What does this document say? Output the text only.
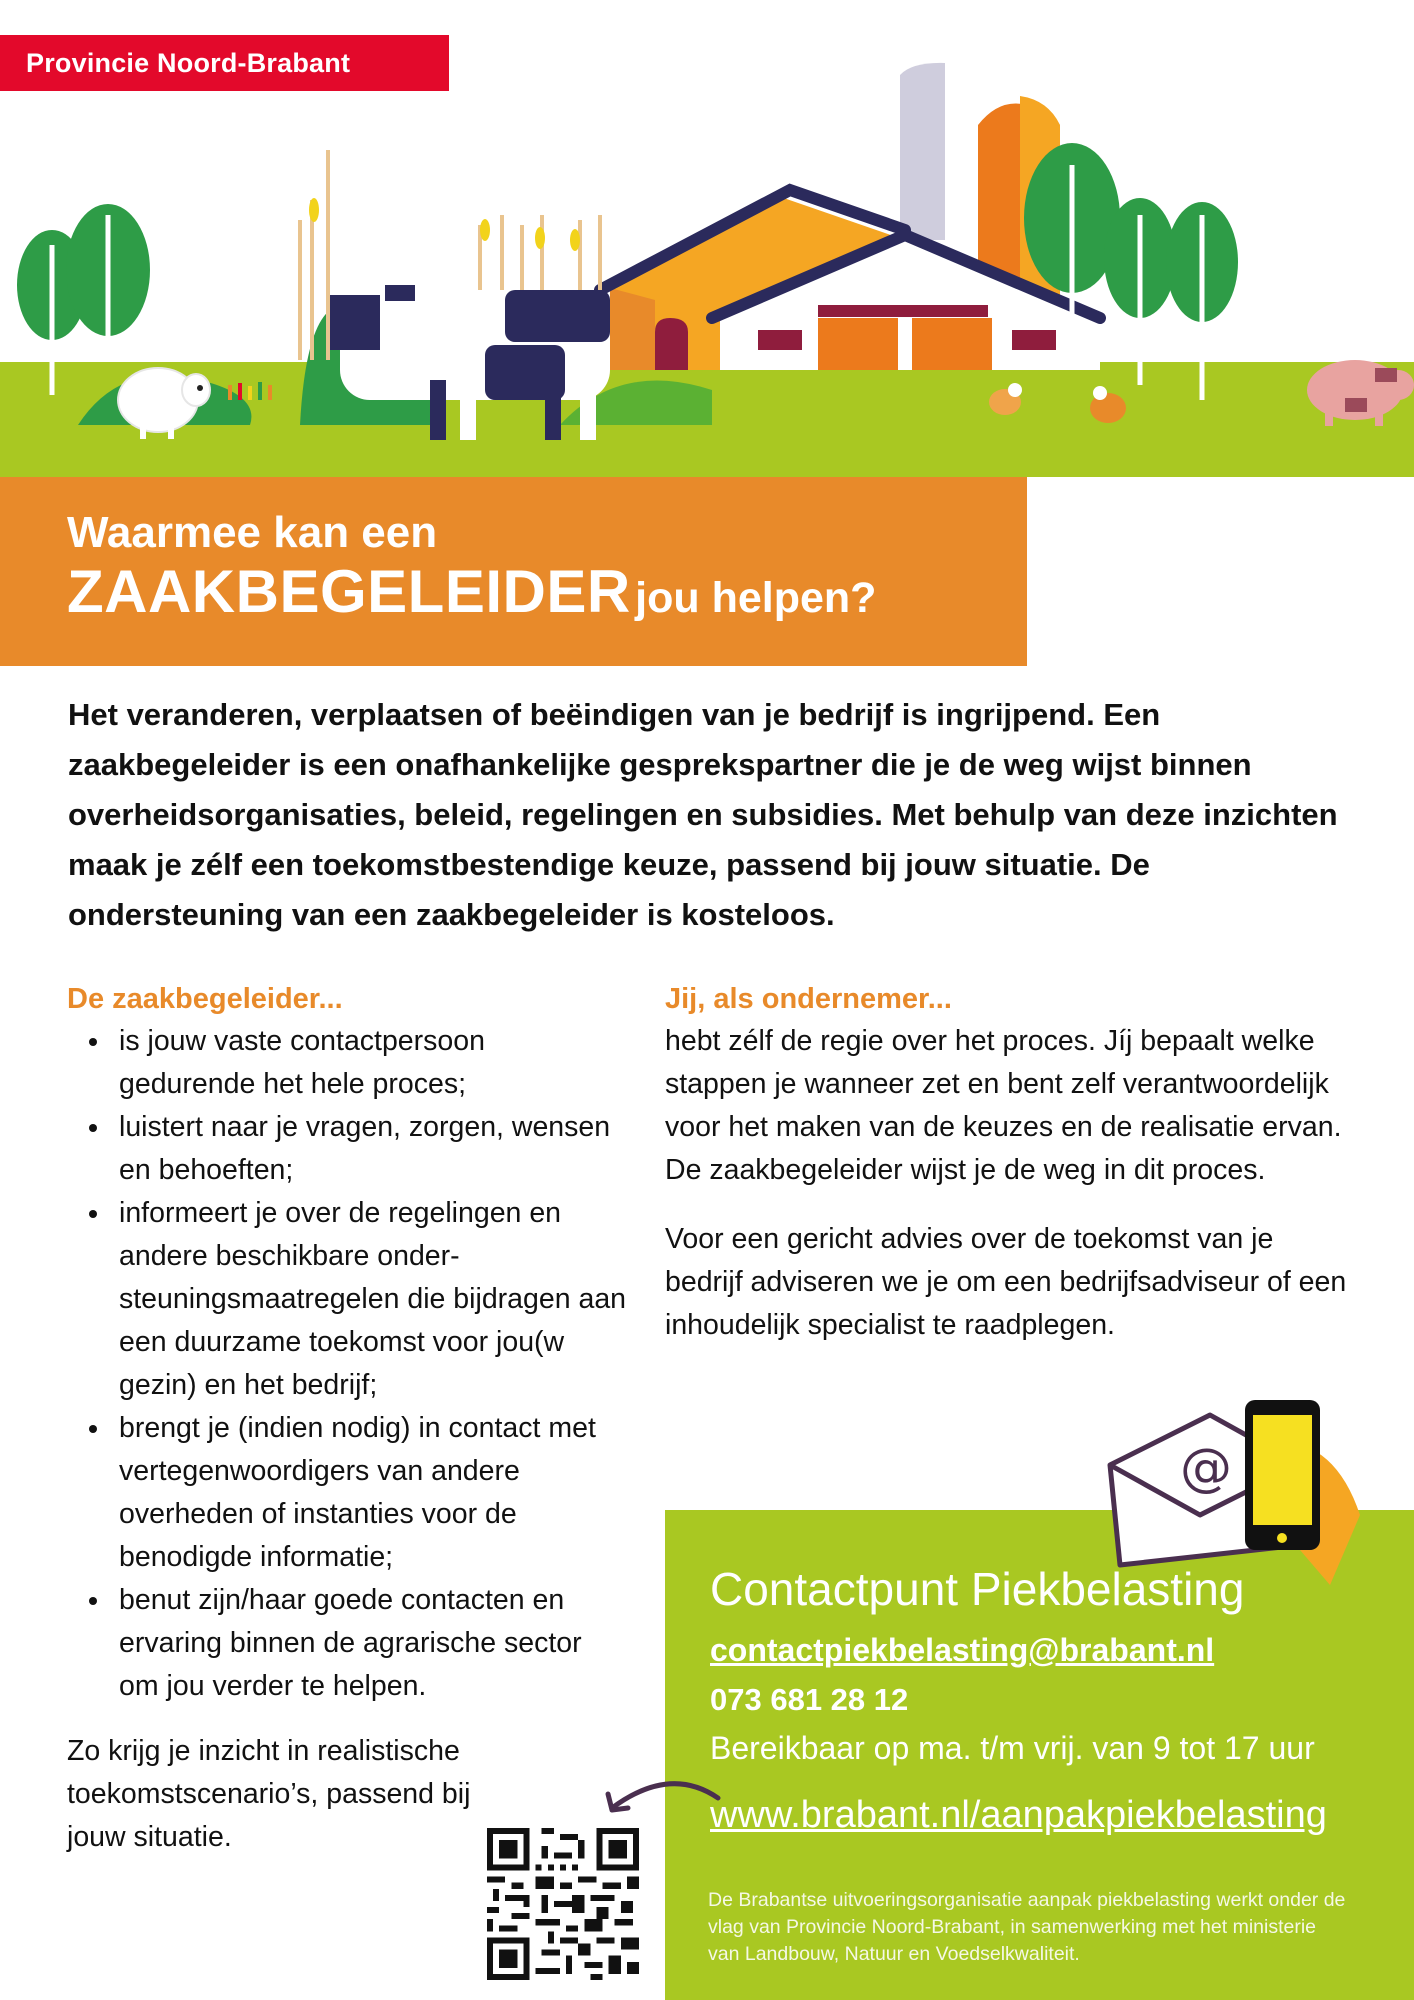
Provincie Noord-Brabant
Waarmee kan een
ZAAKBEGELEIDER jou helpen?

Het veranderen, verplaatsen of beëindigen van je bedrijf is ingrijpend. Een zaakbegeleider is een onafhankelijke gesprekspartner die je de weg wijst binnen overheidsorganisaties, beleid, regelingen en subsidies. Met behulp van deze inzichten maak je zélf een toekomstbestendige keuze, passend bij jouw situatie. De ondersteuning van een zaakbegeleider is kosteloos.

De zaakbegeleider...
is jouw vaste contactpersoon gedurende het hele proces;
luistert naar je vragen, zorgen, wensen en behoeften;
informeert je over de regelingen en andere beschikbare onder-steuningsmaatregelen die bijdragen aan een duurzame toekomst voor jou(w gezin) en het bedrijf;
brengt je (indien nodig) in contact met vertegenwoordigers van andere overheden of instanties voor de benodigde informatie;
benut zijn/haar goede contacten en ervaring binnen de agrarische sector om jou verder te helpen.

Zo krijg je inzicht in realistische toekomstscenario’s, passend bij jouw situatie.

Jij, als ondernemer...

hebt zélf de regie over het proces. Jíj bepaalt welke stappen je wanneer zet en bent zelf verantwoordelijk voor het maken van de keuzes en de realisatie ervan. De zaakbegeleider wijst je de weg in dit proces.

Voor een gericht advies over de toekomst van je bedrijf adviseren we je om een bedrijfsadviseur of een inhoudelijk specialist te raadplegen.

@
Contactpunt Piekbelasting
contactpiekbelasting@brabant.nl
073 681 28 12
Bereikbaar op ma. t/m vrij. van 9 tot 17 uur
www.brabant.nl/aanpakpiekbelasting

De Brabantse uitvoeringsorganisatie aanpak piekbelasting werkt onder de vlag van Provincie Noord-Brabant, in samenwerking met het ministerie van Landbouw, Natuur en Voedselkwaliteit.
